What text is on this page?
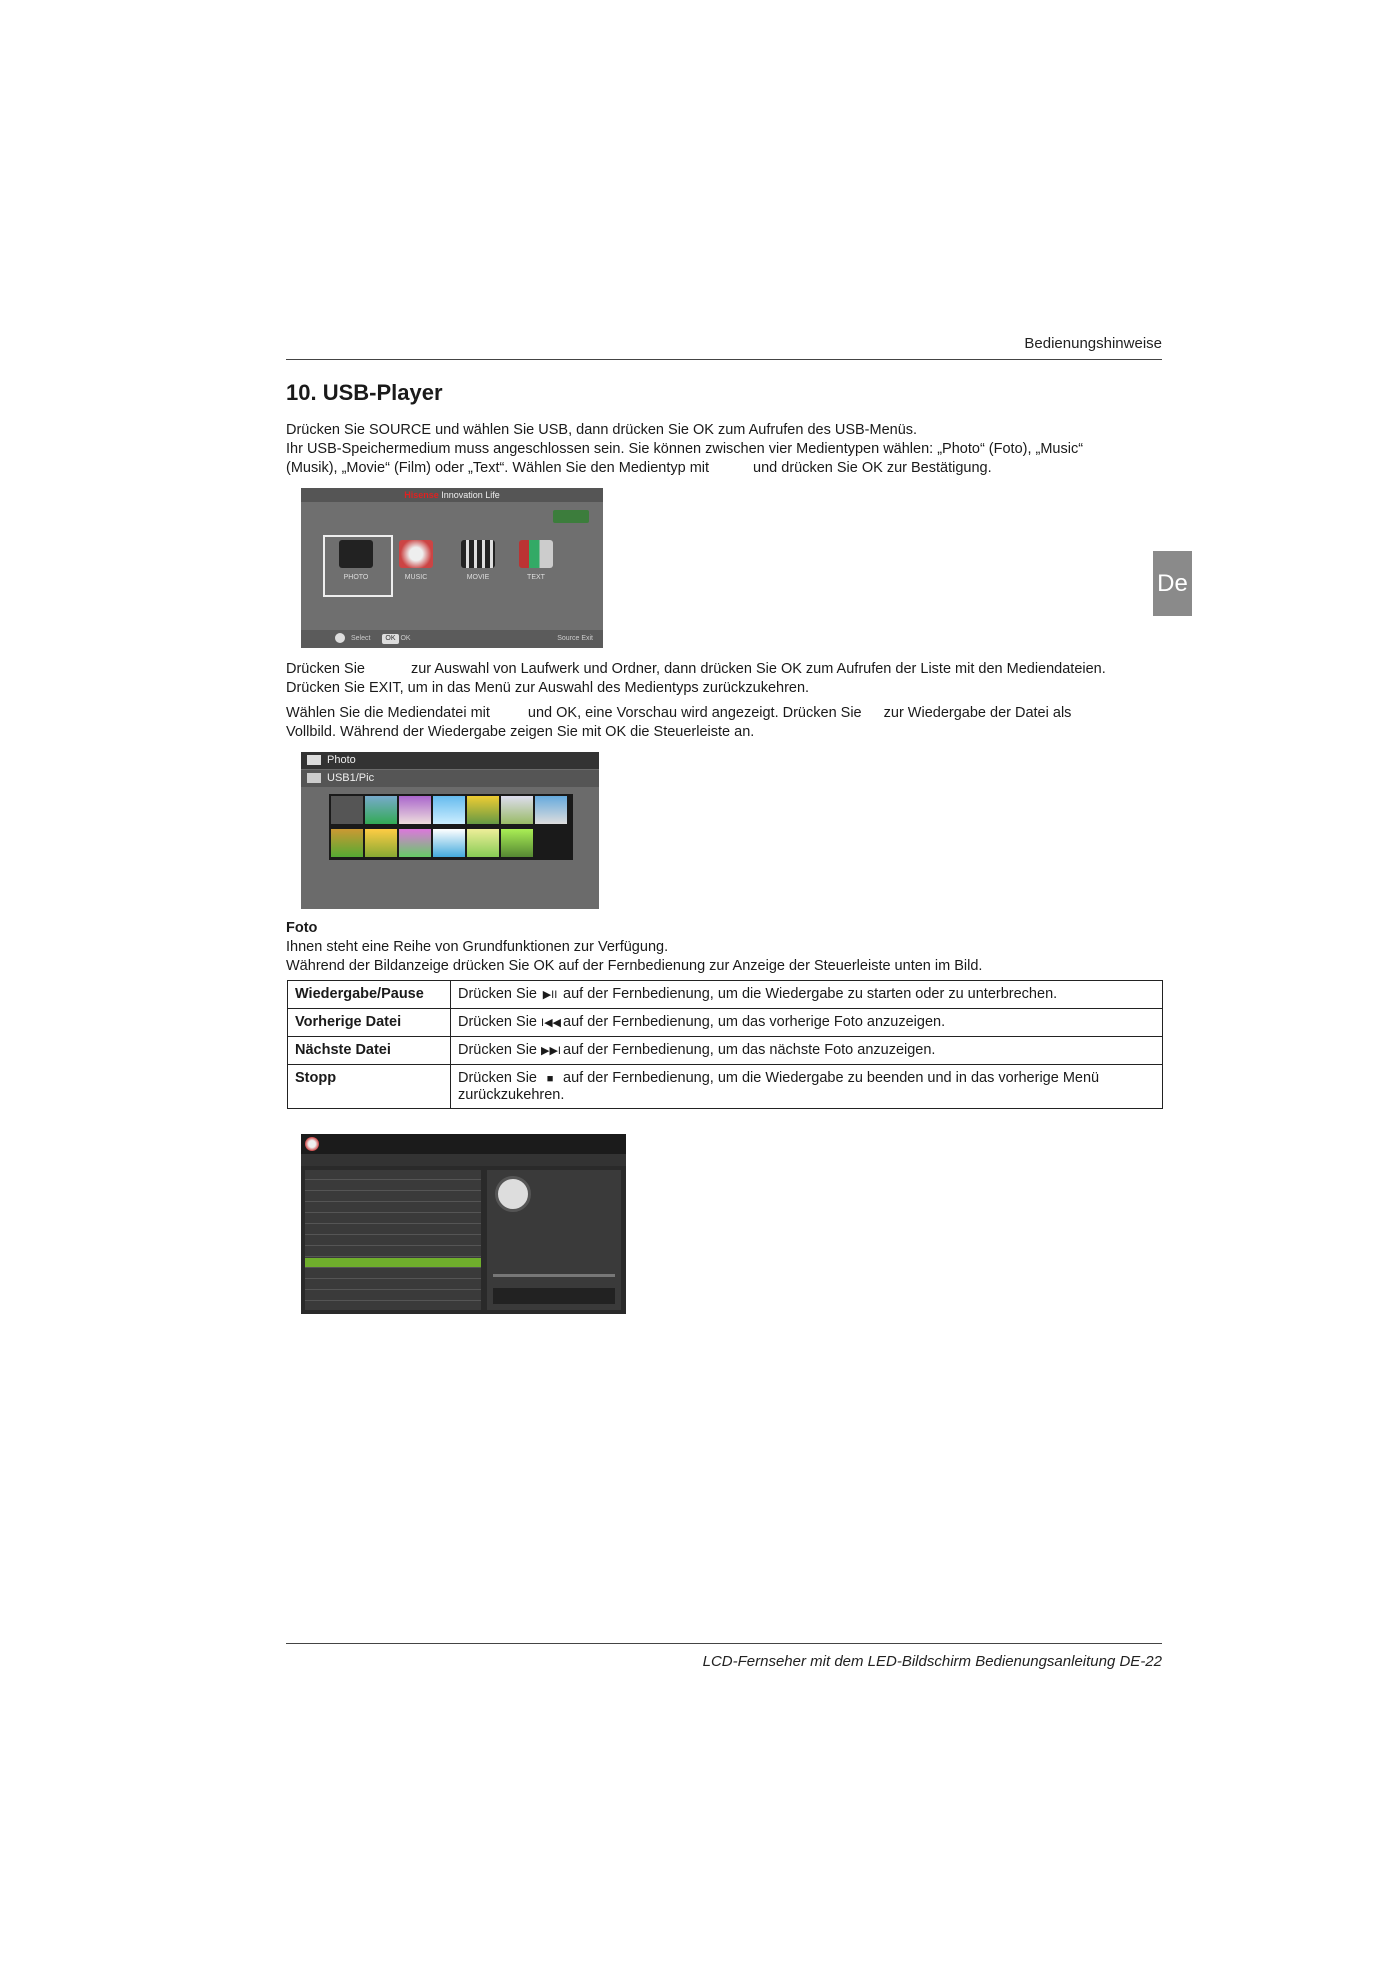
Bedienungshinweise
10. USB-Player
De

Drücken Sie SOURCE und wählen Sie USB, dann drücken Sie OK zum Aufrufen des USB-Menüs.

Ihr USB-Speichermedium muss angeschlossen sein. Sie können zwischen vier Medientypen wählen: „Photo“ (Foto), „Music“

(Musik), „Movie“ (Film) oder „Text“. Wählen Sie den Medientyp mit	und drücken Sie OK zur Bestätigung.

Hisense Innovation Life
PHOTO	MUSIC	MOVIE	TEXT
Select OK OK	Source Exit

Drücken Sie	zur Auswahl von Laufwerk und Ordner, dann drücken Sie OK zum Aufrufen der Liste mit den Mediendateien.

Drücken Sie EXIT, um in das Menü zur Auswahl des Medientyps zurückzukehren.

Wählen Sie die Mediendatei mit	und OK, eine Vorschau wird angezeigt. Drücken Sie zur Wiedergabe der Datei als

Vollbild. Während der Wiedergabe zeigen Sie mit OK die Steuerleiste an.

Photo
USB1/Pic
Foto

Ihnen steht eine Reihe von Grundfunktionen zur Verfügung.

Während der Bildanzeige drücken Sie OK auf der Fernbedienung zur Anzeige der Steuerleiste unten im Bild.

Wiedergabe/Pause	Drücken Sie ▶II auf der Fernbedienung, um die Wiedergabe zu starten oder zu unterbrechen.
Vorherige Datei	Drücken Sie I◀◀ auf der Fernbedienung, um das vorherige Foto anzuzeigen.
Nächste Datei	Drücken Sie ▶▶I auf der Fernbedienung, um das nächste Foto anzuzeigen.
Stopp	Drücken Sie ■ auf der Fernbedienung, um die Wiedergabe zu beenden und in das vorherige Menü zurückzukehren.
LCD-Fernseher mit dem LED-Bildschirm Bedienungsanleitung DE-22
